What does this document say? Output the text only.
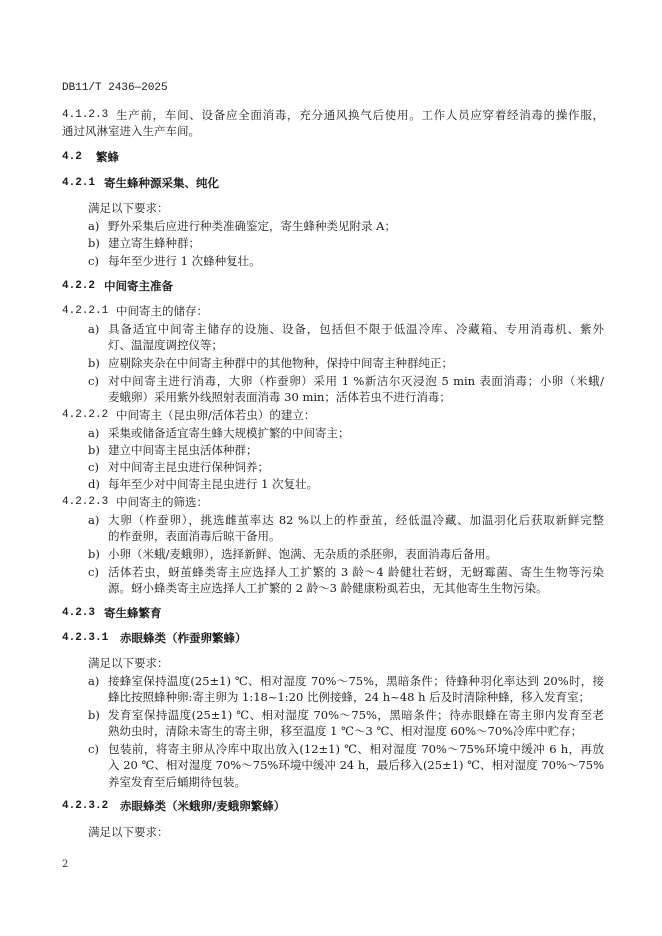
DB11/T 2436—2025
4.1.2.3 生产前，车间、设备应全面消毒，充分通风换气后使用。工作人员应穿着经消毒的操作服，
通过风淋室进入生产车间。
4.2 繁蜂
4.2.1 寄生蜂种源采集、纯化
满足以下要求：
a) 野外采集后应进行种类准确鉴定，寄生蜂种类见附录 A；
b) 建立寄生蜂种群；
c) 每年至少进行 1 次蜂种复壮。
4.2.2 中间寄主准备
4.2.2.1 中间寄主的储存：
a) 具备适宜中间寄主储存的设施、设备，包括但不限于低温冷库、冷藏箱、专用消毒机、紫外
灯、温湿度调控仪等；
b) 应剔除夹杂在中间寄主种群中的其他物种，保持中间寄主种群纯正；
c) 对中间寄主进行消毒，大卵（柞蚕卵）采用 1 %新洁尔灭浸泡 5 min 表面消毒；小卵（米蛾/
麦蛾卵）采用紫外线照射表面消毒 30 min；活体若虫不进行消毒；
4.2.2.2 中间寄主（昆虫卵/活体若虫）的建立：
a) 采集或储备适宜寄生蜂大规模扩繁的中间寄主；
b) 建立中间寄主昆虫活体种群；
c) 对中间寄主昆虫进行保种饲养；
d) 每年至少对中间寄主昆虫进行 1 次复壮。
4.2.2.3 中间寄主的筛选：
a) 大卵（柞蚕卵），挑选雌茧率达 82 %以上的柞蚕茧，经低温冷藏、加温羽化后获取新鲜完整
的柞蚕卵，表面消毒后晾干备用。
b) 小卵（米蛾/麦蛾卵），选择新鲜、饱满、无杂质的杀胚卵，表面消毒后备用。
c) 活体若虫，蚜茧蜂类寄主应选择人工扩繁的 3 龄～4 龄健壮若蚜，无蚜霉菌、寄生生物等污染
源。蚜小蜂类寄主应选择人工扩繁的 2 龄～3 龄健康粉虱若虫，无其他寄生生物污染。
4.2.3 寄生蜂繁育
4.2.3.1 赤眼蜂类（柞蚕卵繁蜂）
满足以下要求：
a) 接蜂室保持温度(25±1) ℃、相对湿度 70%～75%，黑暗条件；待蜂种羽化率达到 20%时，接
蜂比按照蜂种卵:寄主卵为 1:18~1:20 比例接蜂，24 h~48 h 后及时清除种蜂，移入发育室；
b) 发育室保持温度(25±1) ℃、相对湿度 70%～75%，黑暗条件；待赤眼蜂在寄主卵内发育至老
熟幼虫时，清除未寄生的寄主卵，移至温度 1 ℃～3 ℃、相对湿度 60%～70%冷库中贮存；
c) 包装前，将寄主卵从冷库中取出放入(12±1) ℃、相对湿度 70%～75%环境中缓冲 6 h，再放
入 20 ℃、相对湿度 70%～75%环境中缓冲 24 h，最后移入(25±1) ℃、相对湿度 70%～75%
养室发育至后蛹期待包装。
4.2.3.2 赤眼蜂类（米蛾卵/麦蛾卵繁蜂）
满足以下要求：
2
